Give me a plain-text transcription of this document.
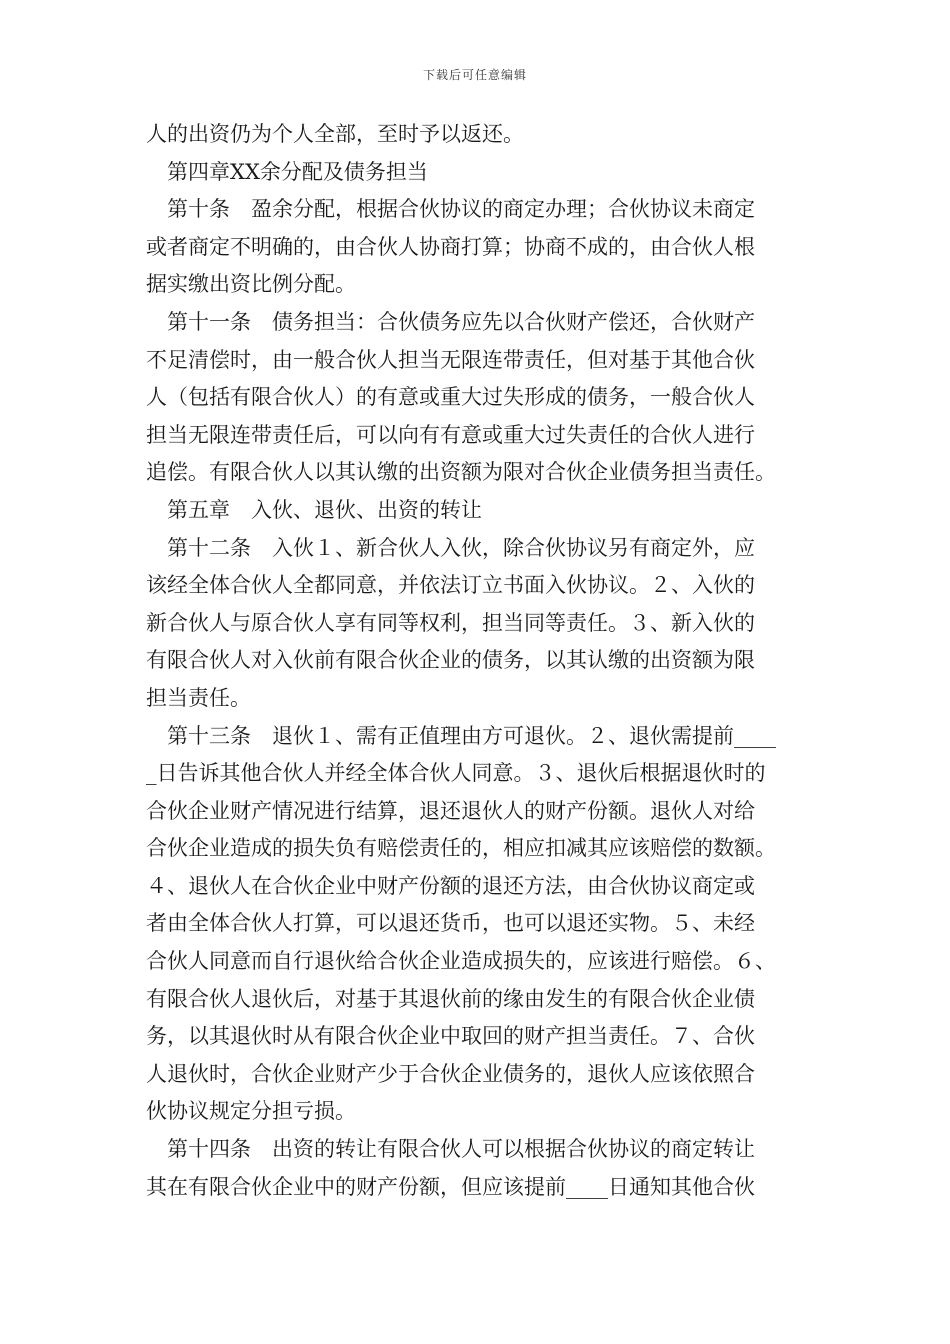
下载后可任意编辑
人的出资仍为个人全部，至时予以返还。
第四章XX余分配及债务担当
第十条　盈余分配，根据合伙协议的商定办理；合伙协议未商定
或者商定不明确的，由合伙人协商打算；协商不成的，由合伙人根
据实缴出资比例分配。
第十一条　债务担当：合伙债务应先以合伙财产偿还，合伙财产
不足清偿时，由一般合伙人担当无限连带责任，但对基于其他合伙
人（包括有限合伙人）的有意或重大过失形成的债务，一般合伙人
担当无限连带责任后，可以向有有意或重大过失责任的合伙人进行
追偿。有限合伙人以其认缴的出资额为限对合伙企业债务担当责任。
第五章　入伙、退伙、出资的转让
第十二条　入伙１、新合伙人入伙，除合伙协议另有商定外，应
该经全体合伙人全都同意，并依法订立书面入伙协议。２、入伙的
新合伙人与原合伙人享有同等权利，担当同等责任。３、新入伙的
有限合伙人对入伙前有限合伙企业的债务，以其认缴的出资额为限
担当责任。
第十三条　退伙１、需有正值理由方可退伙。２、退伙需提前____
_日告诉其他合伙人并经全体合伙人同意。３、退伙后根据退伙时的
合伙企业财产情况进行结算，退还退伙人的财产份额。退伙人对给
合伙企业造成的损失负有赔偿责任的，相应扣减其应该赔偿的数额。
４、退伙人在合伙企业中财产份额的退还方法，由合伙协议商定或
者由全体合伙人打算，可以退还货币，也可以退还实物。５、未经
合伙人同意而自行退伙给合伙企业造成损失的，应该进行赔偿。６、
有限合伙人退伙后，对基于其退伙前的缘由发生的有限合伙企业债
务，以其退伙时从有限合伙企业中取回的财产担当责任。７、合伙
人退伙时，合伙企业财产少于合伙企业债务的，退伙人应该依照合
伙协议规定分担亏损。
第十四条　出资的转让有限合伙人可以根据合伙协议的商定转让
其在有限合伙企业中的财产份额，但应该提前____日通知其他合伙
